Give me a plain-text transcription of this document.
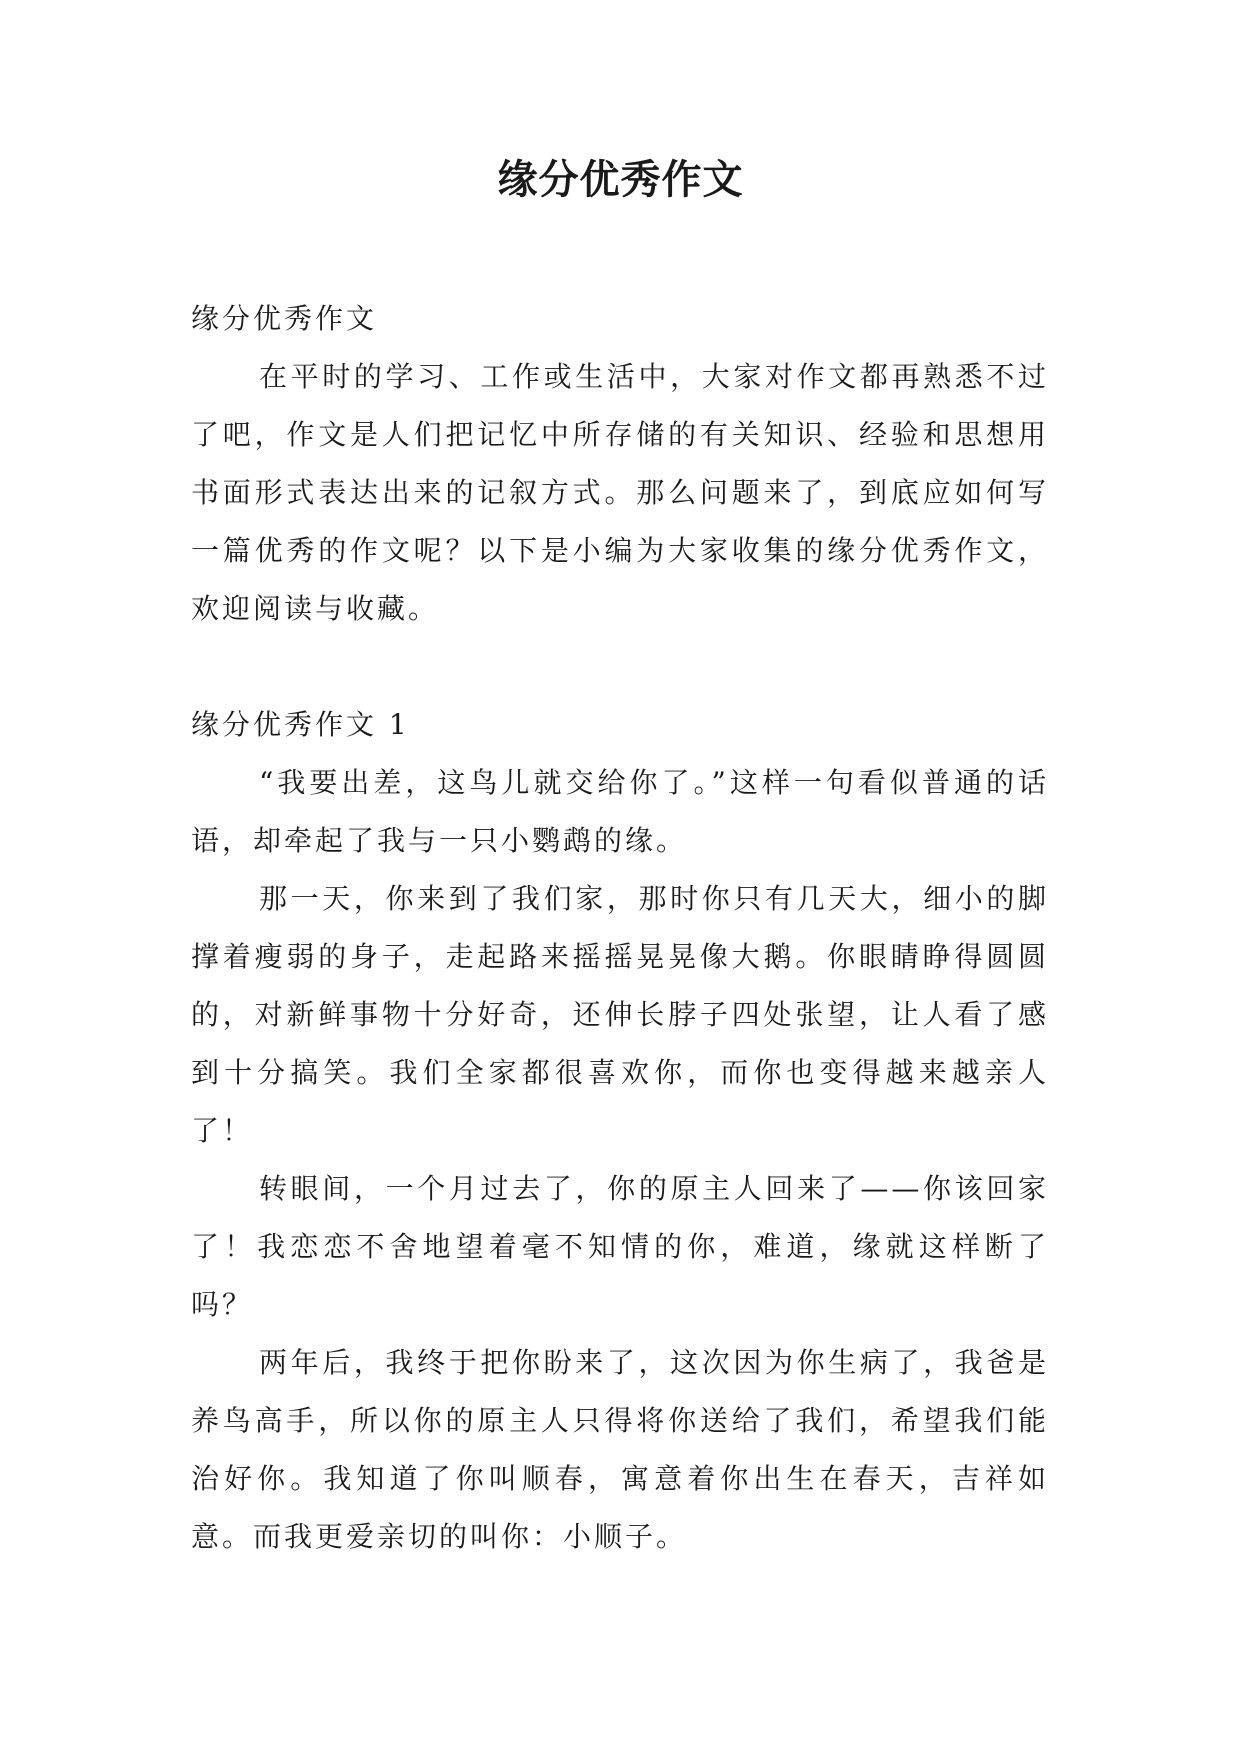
缘分优秀作文

缘分优秀作文

在平时的学习、工作或生活中，大家对作文都再熟悉不过了吧，作文是人们把记忆中所存储的有关知识、经验和思想用书面形式表达出来的记叙方式。那么问题来了，到底应如何写一篇优秀的作文呢？以下是小编为大家收集的缘分优秀作文，欢迎阅读与收藏。

缘分优秀作文 1

“我要出差，这鸟儿就交给你了。”这样一句看似普通的话语，却牵起了我与一只小鹦鹉的缘。

那一天，你来到了我们家，那时你只有几天大，细小的脚撑着瘦弱的身子，走起路来摇摇晃晃像大鹅。你眼睛睁得圆圆的，对新鲜事物十分好奇，还伸长脖子四处张望，让人看了感到十分搞笑。我们全家都很喜欢你，而你也变得越来越亲人了！

转眼间，一个月过去了，你的原主人回来了——你该回家了！我恋恋不舍地望着毫不知情的你，难道，缘就这样断了吗？

两年后，我终于把你盼来了，这次因为你生病了，我爸是养鸟高手，所以你的原主人只得将你送给了我们，希望我们能治好你。我知道了你叫顺春，寓意着你出生在春天，吉祥如意。而我更爱亲切的叫你：小顺子。
